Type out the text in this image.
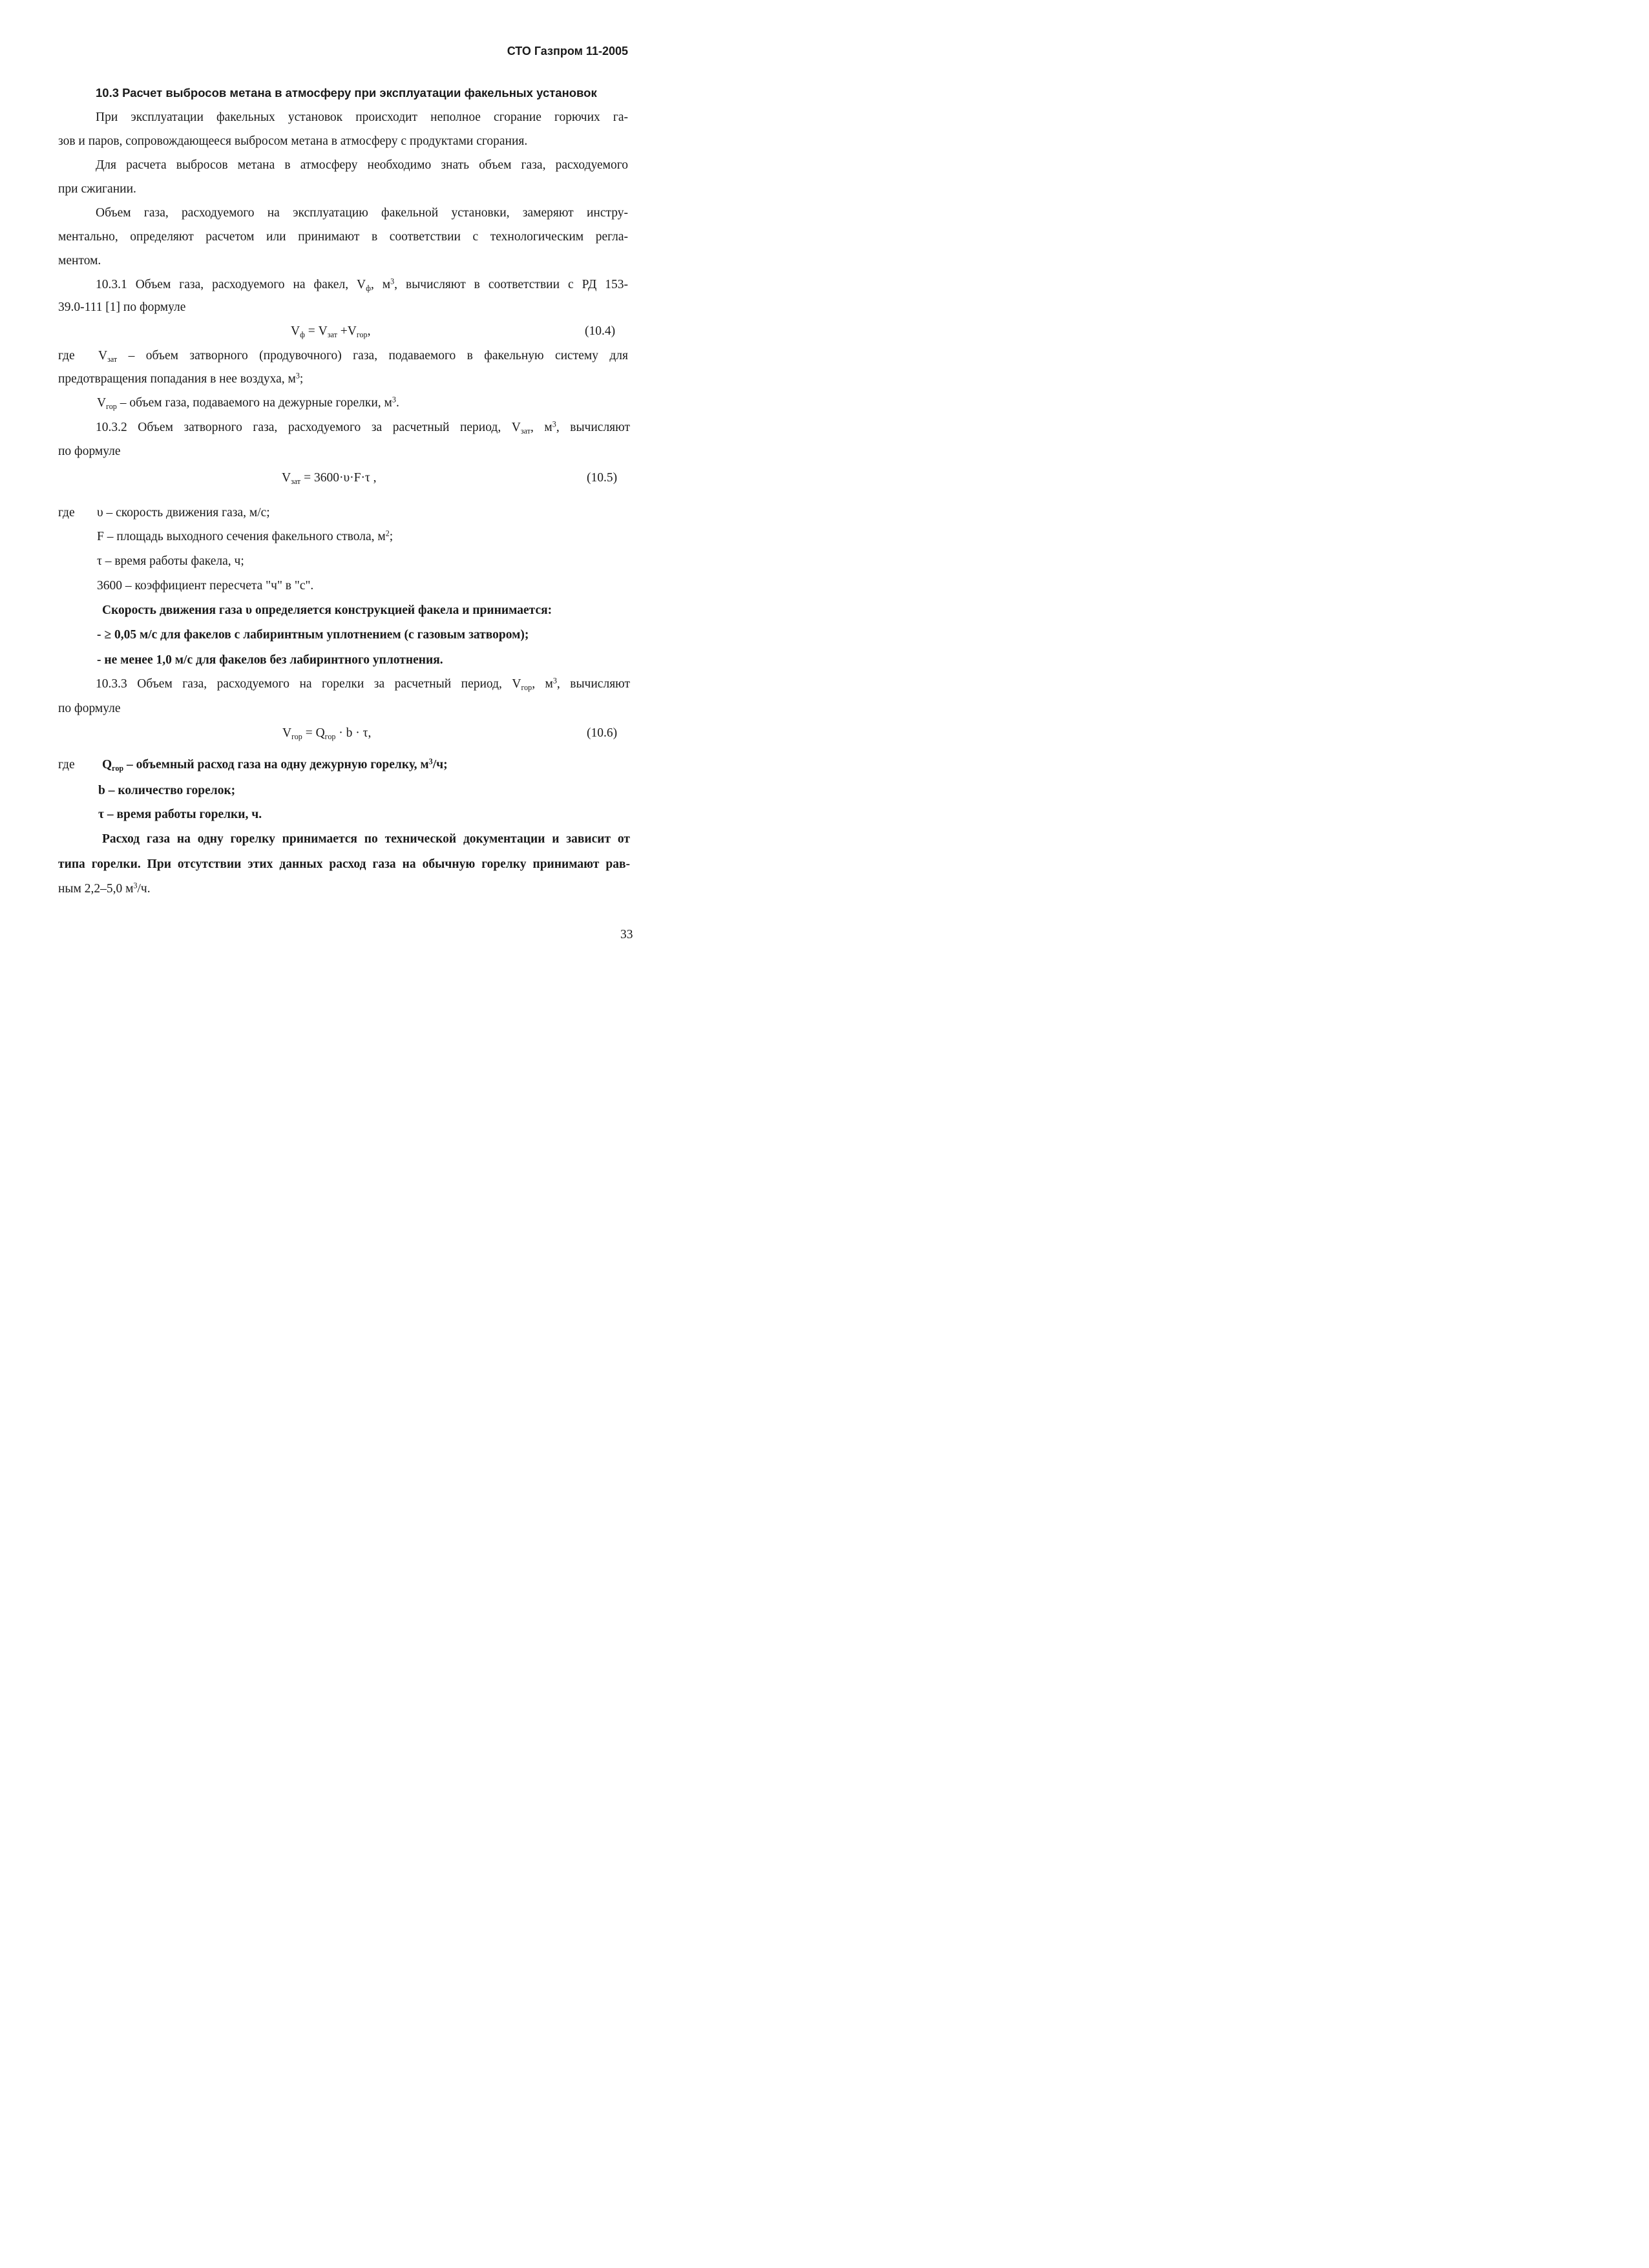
СТО Газпром 11-2005
10.3 Расчет выбросов метана в атмосферу при эксплуатации факельных установок
При эксплуатации факельных установок происходит неполное сгорание горючих га-
зов и паров, сопровождающееся выбросом метана в атмосферу с продуктами сгорания.
Для расчета выбросов метана в атмосферу необходимо знать объем газа, расходуемого
при сжигании.
Объем газа, расходуемого на эксплуатацию факельной установки, замеряют инстру-
ментально, определяют расчетом или принимают в соответствии с технологическим регла-
ментом.
10.3.1 Объем газа, расходуемого на факел, $V_ф$, $м^3$, вычисляют в соответствии с РД 153-
39.0-111 [1] по формуле
$V_ф = V_{зат} +V_{гор}$,	(10.4)
где $V_{зат}$ – объем затворного (продувочного) газа, подаваемого в факельную систему для
предотвращения попадания в нее воздуха, $м^3$;
$V_{гор}$ – объем газа, подаваемого на дежурные горелки, $м^3$.
10.3.2 Объем затворного газа, расходуемого за расчетный период, $V_{зат}$, $м^3$, вычисляют
по формуле
$V_{зат} = 3600\cdot\upsilon\cdot F\cdot\tau$ ,	(10.5)
где υ – скорость движения газа, м/с;
F – площадь выходного сечения факельного ствола, $м^2$;
τ – время работы факела, ч;
3600 – коэффициент пересчета "ч" в "с".
Скорость движения газа υ определяется конструкцией факела и принимается:
- ≥ 0,05 м/с для факелов с лабиринтным уплотнением (с газовым затвором);
- не менее 1,0 м/с для факелов без лабиринтного уплотнения.
10.3.3 Объем газа, расходуемого на горелки за расчетный период, $V_{гор}$, $м^3$, вычисляют
по формуле
$V_{гор} = Q_{гор} \cdot b \cdot \tau$,	(10.6)
где $Q_{гор}$ – объемный расход газа на одну дежурную горелку, $м^3/ч$;
b – количество горелок;
τ – время работы горелки, ч.
Расход газа на одну горелку принимается по технической документации и зависит от
типа горелки. При отсутствии этих данных расход газа на обычную горелку принимают рав-
ным 2,2–5,0 $м^3/ч$.
33
